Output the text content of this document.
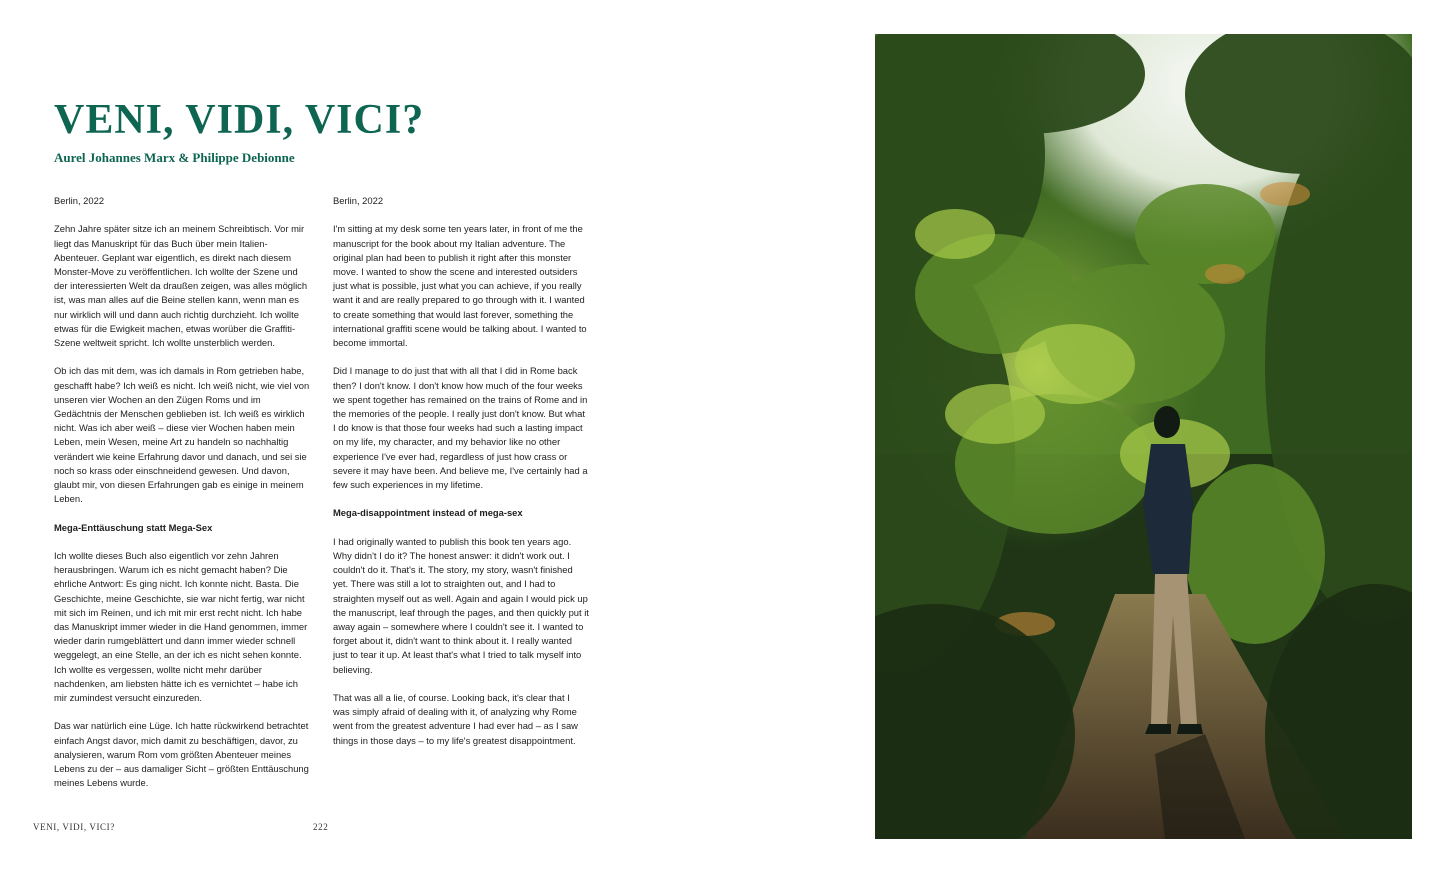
VENI, VIDI, VICI?
Aurel Johannes Marx & Philippe Debionne

Berlin, 2022

Zehn Jahre später sitze ich an meinem Schreibtisch. Vor mir liegt das Manuskript für das Buch über mein Italien-Abenteuer. Geplant war eigentlich, es direkt nach diesem Monster-Move zu veröffentlichen. Ich wollte der Szene und der interessierten Welt da draußen zeigen, was alles möglich ist, was man alles auf die Beine stellen kann, wenn man es nur wirklich will und dann auch richtig durchzieht. Ich wollte etwas für die Ewigkeit machen, etwas worüber die Graffiti-Szene weltweit spricht. Ich wollte unsterblich werden.

Ob ich das mit dem, was ich damals in Rom getrieben habe, geschafft habe? Ich weiß es nicht. Ich weiß nicht, wie viel von unseren vier Wochen an den Zügen Roms und im Gedächtnis der Menschen geblieben ist. Ich weiß es wirklich nicht. Was ich aber weiß – diese vier Wochen haben mein Leben, mein Wesen, meine Art zu handeln so nachhaltig verändert wie keine Erfahrung davor und danach, und sei sie noch so krass oder einschneidend gewesen. Und davon, glaubt mir, von diesen Erfahrungen gab es einige in meinem Leben.

Mega-Enttäuschung statt Mega-Sex

Ich wollte dieses Buch also eigentlich vor zehn Jahren herausbringen. Warum ich es nicht gemacht haben? Die ehrliche Antwort: Es ging nicht. Ich konnte nicht. Basta. Die Geschichte, meine Geschichte, sie war nicht fertig, war nicht mit sich im Reinen, und ich mit mir erst recht nicht. Ich habe das Manuskript immer wieder in die Hand genommen, immer wieder darin rumgeblättert und dann immer wieder schnell weggelegt, an eine Stelle, an der ich es nicht sehen konnte. Ich wollte es vergessen, wollte nicht mehr darüber nachdenken, am liebsten hätte ich es vernichtet – habe ich mir zumindest versucht einzureden.

Das war natürlich eine Lüge. Ich hatte rückwirkend betrachtet einfach Angst davor, mich damit zu beschäftigen, davor, zu analysieren, warum Rom vom größten Abenteuer meines Lebens zu der – aus damaliger Sicht – größten Enttäuschung meines Lebens wurde.

Berlin, 2022

I'm sitting at my desk some ten years later, in front of me the manuscript for the book about my Italian adventure. The original plan had been to publish it right after this monster move. I wanted to show the scene and interested outsiders just what is possible, just what you can achieve, if you really want it and are really prepared to go through with it. I wanted to create something that would last forever, something the international graffiti scene would be talking about. I wanted to become immortal.

Did I manage to do just that with all that I did in Rome back then? I don't know. I don't know how much of the four weeks we spent together has remained on the trains of Rome and in the memories of the people. I really just don't know. But what I do know is that those four weeks had such a lasting impact on my life, my character, and my behavior like no other experience I've ever had, regardless of just how crass or severe it may have been. And believe me, I've certainly had a few such experiences in my lifetime.

Mega-disappointment instead of mega-sex

I had originally wanted to publish this book ten years ago. Why didn't I do it? The honest answer: it didn't work out. I couldn't do it. That's it. The story, my story, wasn't finished yet. There was still a lot to straighten out, and I had to straighten myself out as well. Again and again I would pick up the manuscript, leaf through the pages, and then quickly put it away again – somewhere where I couldn't see it. I wanted to forget about it, didn't want to think about it. I really wanted just to tear it up. At least that's what I tried to talk myself into believing.

That was all a lie, of course. Looking back, it's clear that I was simply afraid of dealing with it, of analyzing why Rome went from the greatest adventure I had ever had – as I saw things in those days – to my life's greatest disappointment.

VENI, VIDI, VICI?	222
